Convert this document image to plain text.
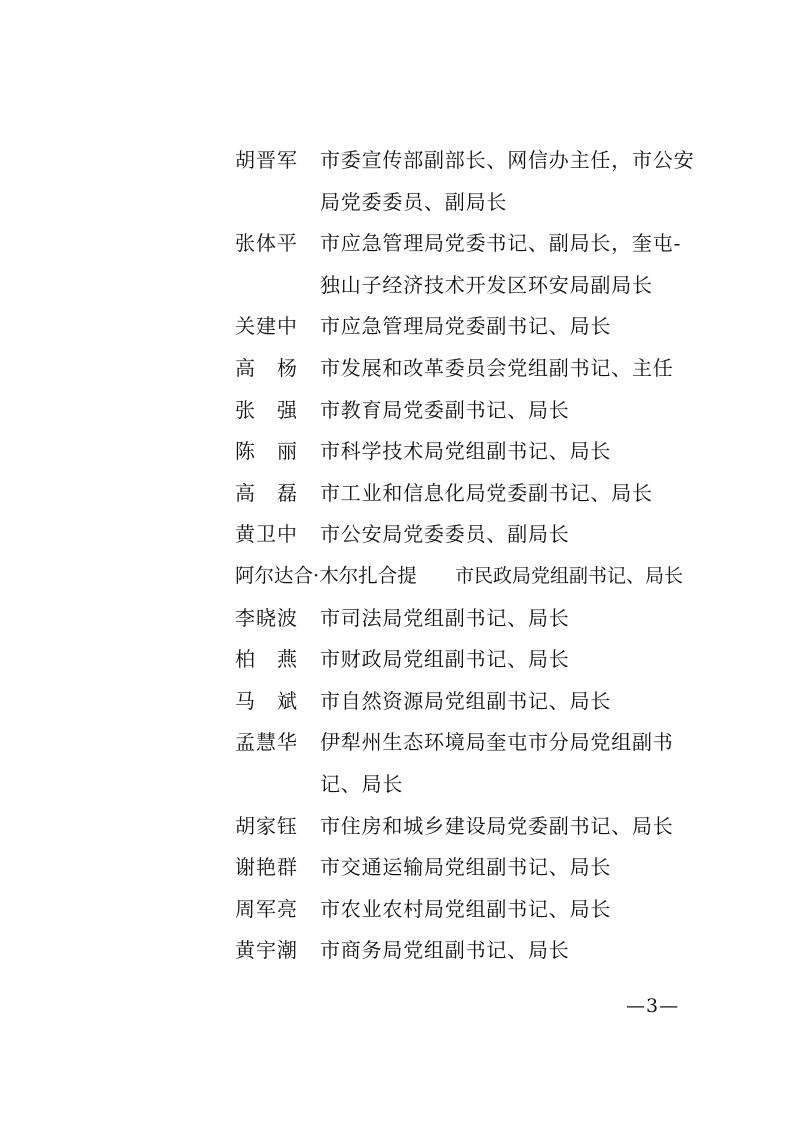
胡晋军 市委宣传部副部长、网信办主任，市公安
局党委委员、副局长
张体平 市应急管理局党委书记、副局长，奎屯-
独山子经济技术开发区环安局副局长
关建中 市应急管理局党委副书记、局长
高　杨 市发展和改革委员会党组副书记、主任
张　强 市教育局党委副书记、局长
陈　丽 市科学技术局党组副书记、局长
高　磊 市工业和信息化局党委副书记、局长
黄卫中 市公安局党委委员、副局长
阿尔达合·木尔扎合提 市民政局党组副书记、局长
李晓波 市司法局党组副书记、局长
柏　燕 市财政局党组副书记、局长
马　斌 市自然资源局党组副书记、局长
孟慧华 伊犁州生态环境局奎屯市分局党组副书
记、局长
胡家钰 市住房和城乡建设局党委副书记、局长
谢艳群 市交通运输局党组副书记、局长
周军亮 市农业农村局党组副书记、局长
黄宇潮 市商务局党组副书记、局长
—3—
